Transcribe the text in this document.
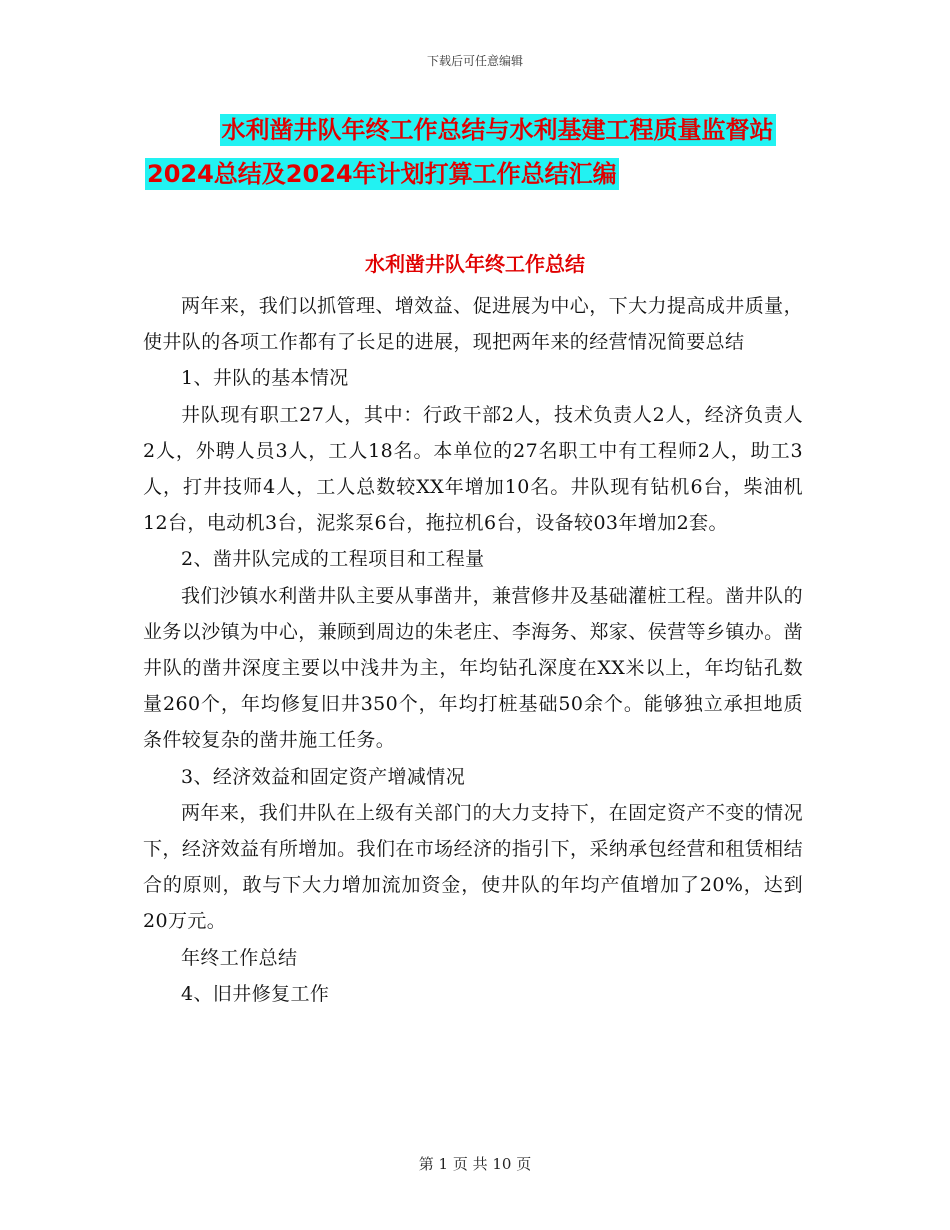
下载后可任意编辑
水利凿井队年终工作总结与水利基建工程质量监督站
2024总结及2024年计划打算工作总结汇编
水利凿井队年终工作总结

两年来，我们以抓管理、增效益、促进展为中心，下大力提高成井质量，使井队的各项工作都有了长足的进展，现把两年来的经营情况简要总结

1、井队的基本情况

井队现有职工27人，其中：行政干部2人，技术负责人2人，经济负责人2人，外聘人员3人，工人18名。本单位的27名职工中有工程师2人，助工3人，打井技师4人，工人总数较XX年增加10名。井队现有钻机6台，柴油机12台，电动机3台，泥浆泵6台，拖拉机6台，设备较03年增加2套。

2、凿井队完成的工程项目和工程量

我们沙镇水利凿井队主要从事凿井，兼营修井及基础灌桩工程。凿井队的业务以沙镇为中心，兼顾到周边的朱老庄、李海务、郑家、侯营等乡镇办。凿井队的凿井深度主要以中浅井为主，年均钻孔深度在XX米以上，年均钻孔数量260个，年均修复旧井350个，年均打桩基础50余个。能够独立承担地质条件较复杂的凿井施工任务。

3、经济效益和固定资产增减情况

两年来，我们井队在上级有关部门的大力支持下，在固定资产不变的情况下，经济效益有所增加。我们在市场经济的指引下，采纳承包经营和租赁相结合的原则，敢与下大力增加流加资金，使井队的年均产值增加了20%，达到20万元。

年终工作总结

4、旧井修复工作

第 1 页 共 10 页
